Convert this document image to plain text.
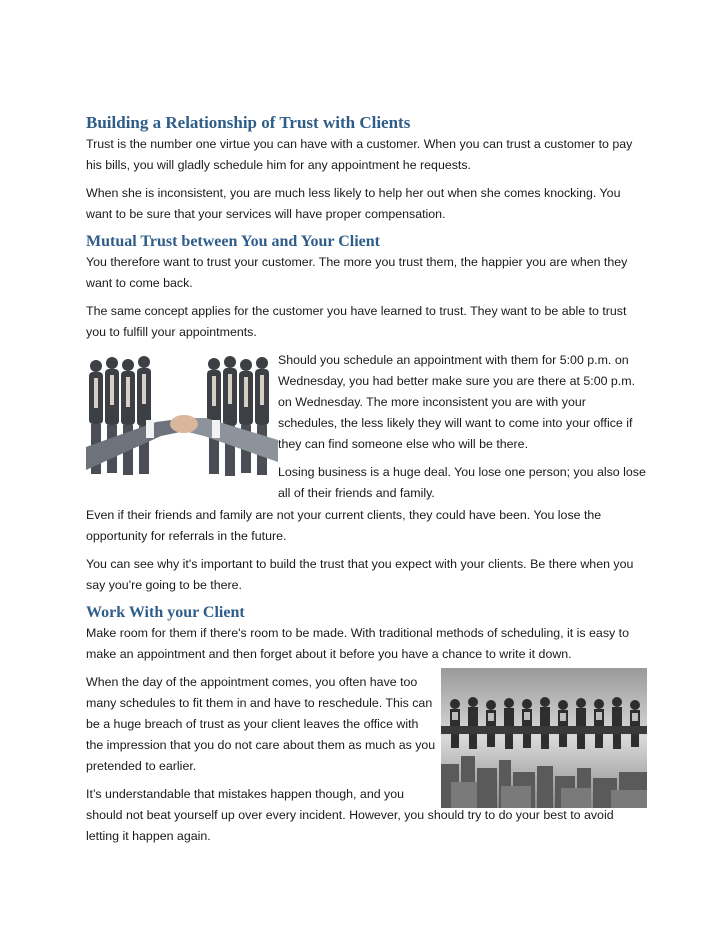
Building a Relationship of Trust with Clients

Trust is the number one virtue you can have with a customer. When you can trust a customer to pay his bills, you will gladly schedule him for any appointment he requests.

When she is inconsistent, you are much less likely to help her out when she comes knocking. You want to be sure that your services will have proper compensation.

Mutual Trust between You and Your Client

You therefore want to trust your customer. The more you trust them, the happier you are when they want to come back.

The same concept applies for the customer you have learned to trust. They want to be able to trust you to fulfill your appointments.

Should you schedule an appointment with them for 5:00 p.m. on Wednesday, you had better make sure you are there at 5:00 p.m. on Wednesday. The more inconsistent you are with your schedules, the less likely they will want to come into your office if they can find someone else who will be there.

Losing business is a huge deal. You lose one person; you also lose all of their friends and family.

Even if their friends and family are not your current clients, they could have been. You lose the opportunity for referrals in the future.

You can see why it's important to build the trust that you expect with your clients. Be there when you say you're going to be there.

Work With your Client

Make room for them if there's room to be made. With traditional methods of scheduling, it is easy to make an appointment and then forget about it before you have a chance to write it down.

When the day of the appointment comes, you often have too many schedules to fit them in and have to reschedule. This can be a huge breach of trust as your client leaves the office with the impression that you do not care about them as much as you pretended to earlier.

It’s understandable that mistakes happen though, and you

should not beat yourself up over every incident. However, you should try to do your best to avoid letting it happen again.
